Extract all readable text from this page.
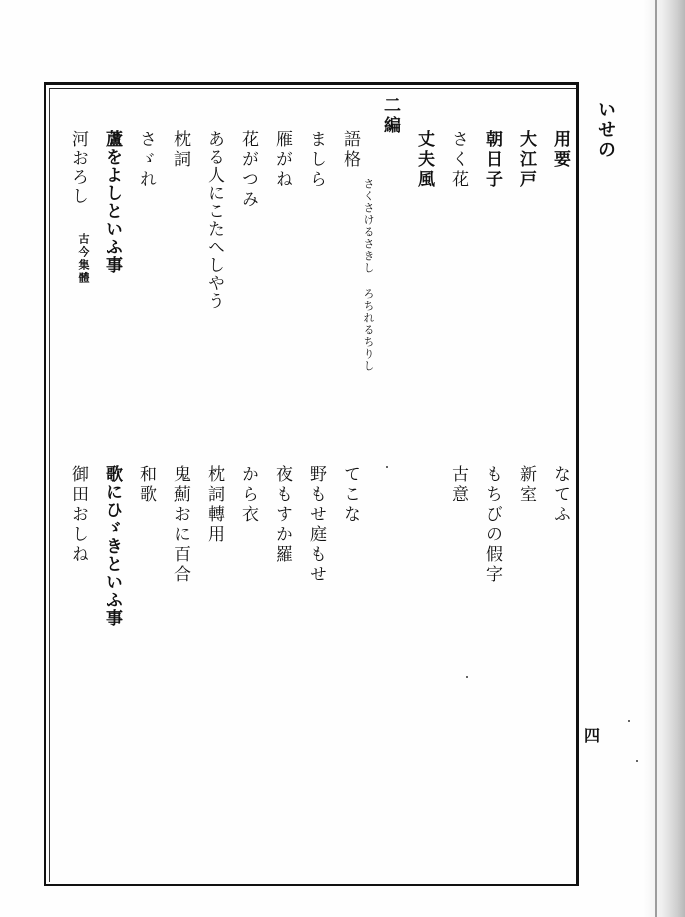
いせの
用要
大江戸
朝日子
さく花
丈夫風
二編
語格
さくさけるさきし ろちれるちりし
ましら
雁がね
花がつみ
ある人にこたへしやう
枕詞
さゞれ
蘆をよしといふ事
河おろし
古今集體
なてふ
新室
もちびの假字
古意
てこな
野もせ庭もせ
夜もすか羅
から衣
枕詞轉用
鬼薊おに百合
和歌
歌にひゞきといふ事
御田おしね
四
